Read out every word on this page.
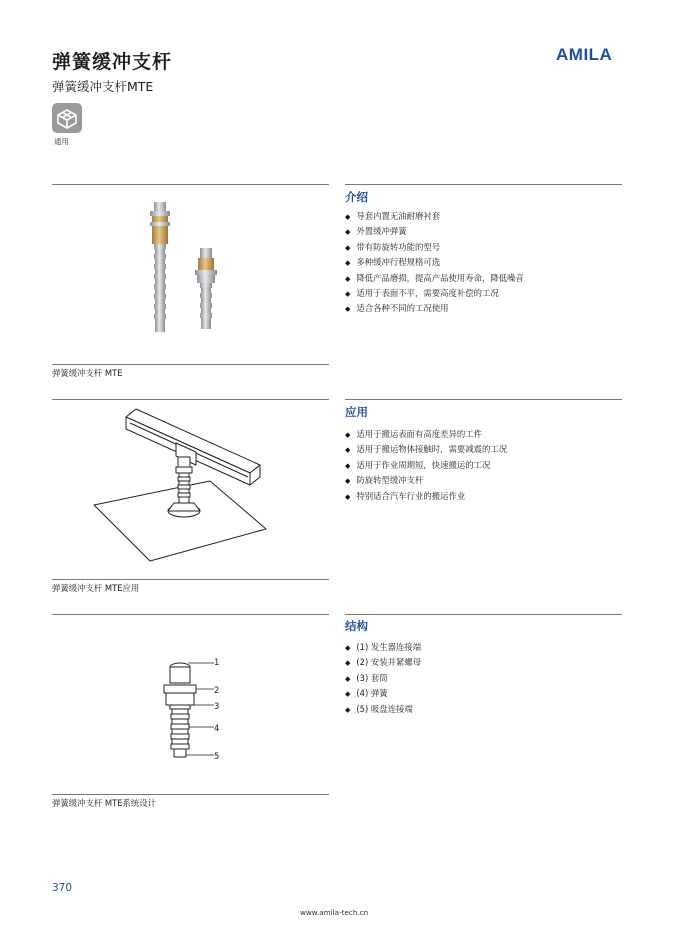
弹簧缓冲支杆
弹簧缓冲支杆MTE
AMILA
通用
介绍
◆ 导套内置无油耐磨衬套
◆ 外置缓冲弹簧
◆ 带有防旋转功能的型号
◆ 多种缓冲行程规格可选
◆ 降低产品磨损，提高产品使用寿命，降低噪音
◆ 适用于表面不平，需要高度补偿的工况
◆ 适合各种不同的工况使用
弹簧缓冲支杆 MTE
应用
◆ 适用于搬运表面有高度差异的工件
◆ 适用于搬运物体接触时，需要减震的工况
◆ 适用于作业周期短，快速搬运的工况
◆ 防旋转型缓冲支杆
◆ 特别适合汽车行业的搬运作业
弹簧缓冲支杆 MTE应用
结构
◆ (1) 发生器连接端
◆ (2) 安装并紧螺母
◆ (3) 套筒
◆ (4) 弹簧
◆ (5) 吸盘连接端
1
2
3
4
5
弹簧缓冲支杆 MTE系统设计
370
www.amila-tech.cn
